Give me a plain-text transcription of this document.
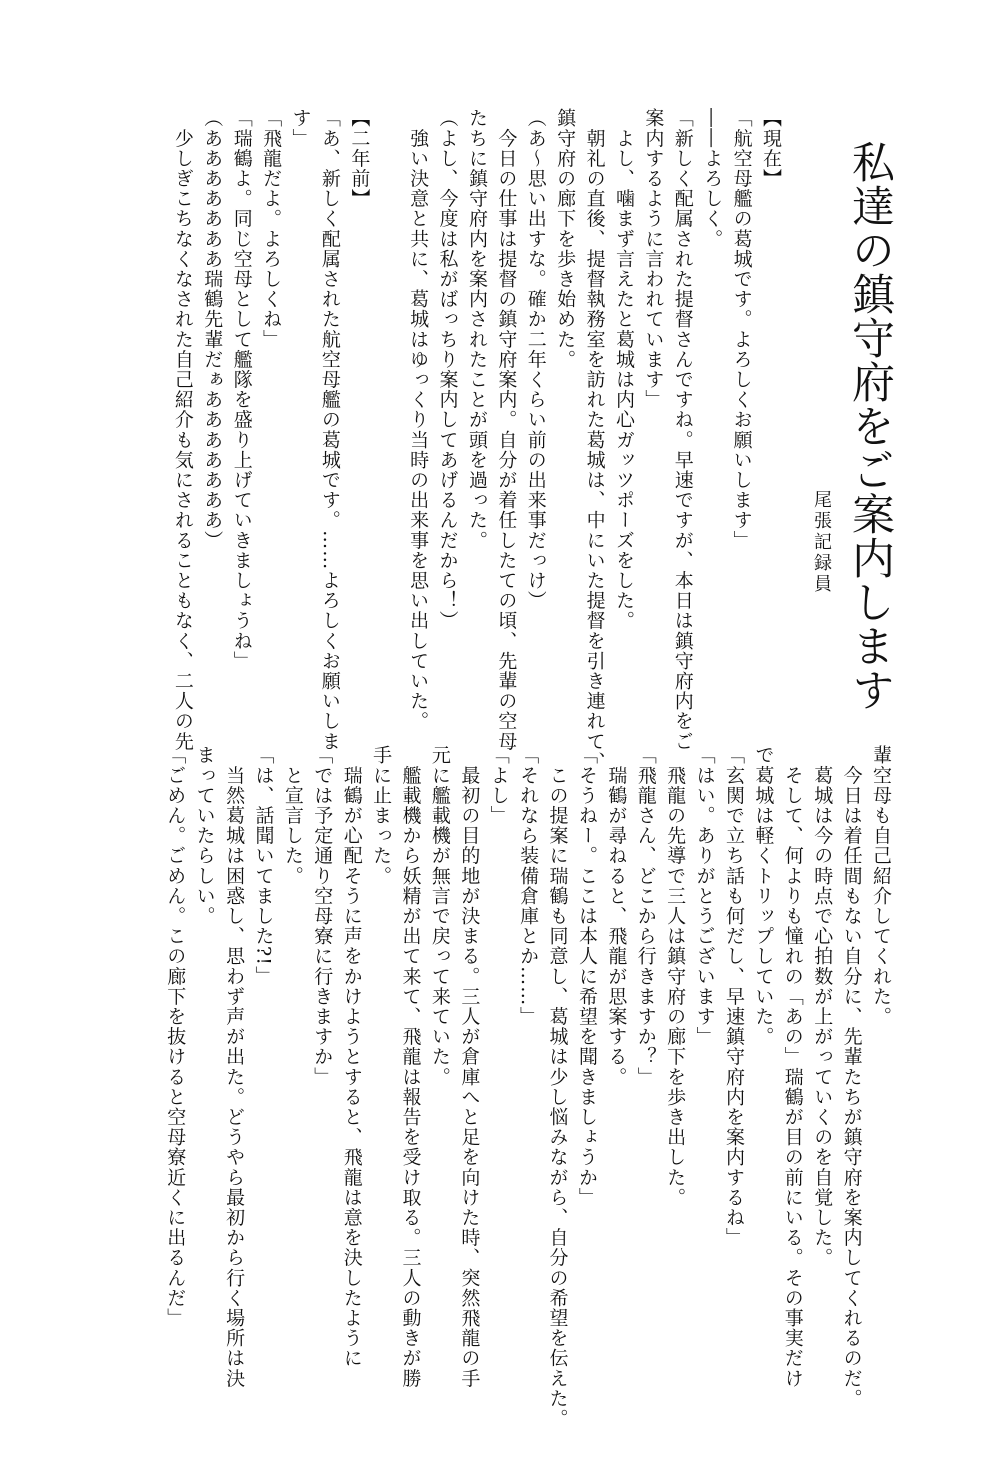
私達の鎮守府をご案内します
尾張記録員
【現在】
「航空母艦の葛城です。よろしくお願いします」
――よろしく。
「新しく配属された提督さんですね。早速ですが、本日は鎮守府内をご
案内するように言われています」
　よし、噛まず言えたと葛城は内心ガッツポーズをした。
　朝礼の直後、提督執務室を訪れた葛城は、中にいた提督を引き連れて、
鎮守府の廊下を歩き始めた。
（あ～思い出すな。確か二年くらい前の出来事だっけ）
　今日の仕事は提督の鎮守府案内。自分が着任したての頃、先輩の空母
たちに鎮守府内を案内されたことが頭を過った。
（よし、今度は私がばっちり案内してあげるんだから！）
　強い決意と共に、葛城はゆっくり当時の出来事を思い出していた。

【二年前】
「あ、新しく配属された航空母艦の葛城です。……よろしくお願いしま
す」
「飛龍だよ。よろしくね」
「瑞鶴よ。同じ空母として艦隊を盛り上げていきましょうね」
（あああああああ瑞鶴先輩だぁあああああああ）
　少しぎこちなくなされた自己紹介も気にされることもなく、二人の先
輩空母も自己紹介してくれた。
　今日は着任間もない自分に、先輩たちが鎮守府を案内してくれるのだ。
　葛城は今の時点で心拍数が上がっていくのを自覚した。
　そして、何よりも憧れの「あの」瑞鶴が目の前にいる。その事実だけ
で葛城は軽くトリップしていた。
「玄関で立ち話も何だし、早速鎮守府内を案内するね」
「はい。ありがとうございます」
　飛龍の先導で三人は鎮守府の廊下を歩き出した。
「飛龍さん、どこから行きますか？」
　瑞鶴が尋ねると、飛龍が思案する。
「そうねー。ここは本人に希望を聞きましょうか」
　この提案に瑞鶴も同意し、葛城は少し悩みながら、自分の希望を伝えた。
「それなら装備倉庫とか……」
「よし」
　最初の目的地が決まる。三人が倉庫へと足を向けた時、突然飛龍の手
元に艦載機が無言で戻って来ていた。
　艦載機から妖精が出て来て、飛龍は報告を受け取る。三人の動きが勝
手に止まった。
　瑞鶴が心配そうに声をかけようとすると、飛龍は意を決したように
「では予定通り空母寮に行きますか」
　と宣言した。
「は、話聞いてました?!」
　当然葛城は困惑し、思わず声が出た。どうやら最初から行く場所は決
まっていたらしい。
「ごめん。ごめん。この廊下を抜けると空母寮近くに出るんだ」
